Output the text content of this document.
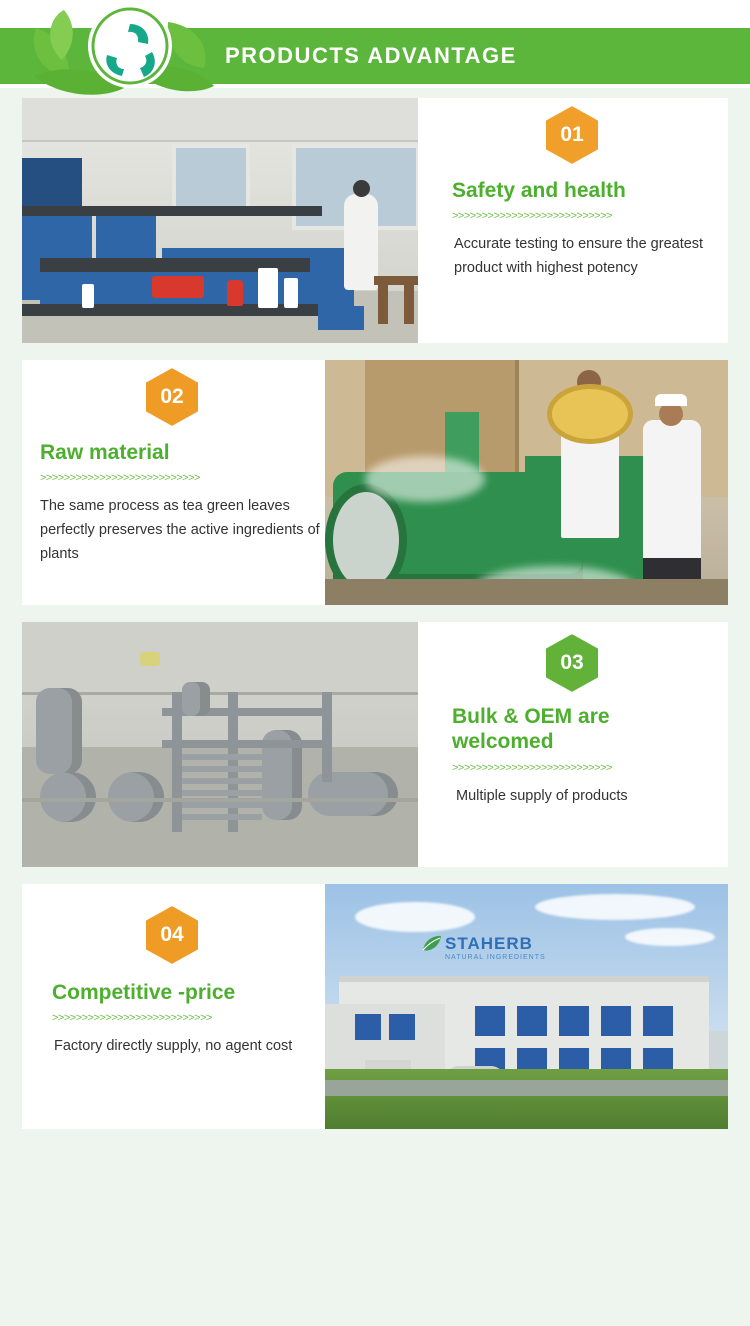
PRODUCTS ADVANTAGE
01
Safety and health
>>>>>>>>>>>>>>>>>>>>>>>>>>>
Accurate testing to ensure the greatest product with highest potency
02
Raw material
>>>>>>>>>>>>>>>>>>>>>>>>>>>
The same process as tea green leaves perfectly preserves the active ingredients of plants
03
Bulk & OEM are welcomed
>>>>>>>>>>>>>>>>>>>>>>>>>>>
Multiple supply of products
STAHERB
NATURAL INGREDIENTS
04
Competitive -price
>>>>>>>>>>>>>>>>>>>>>>>>>>>
Factory directly supply, no agent cost
